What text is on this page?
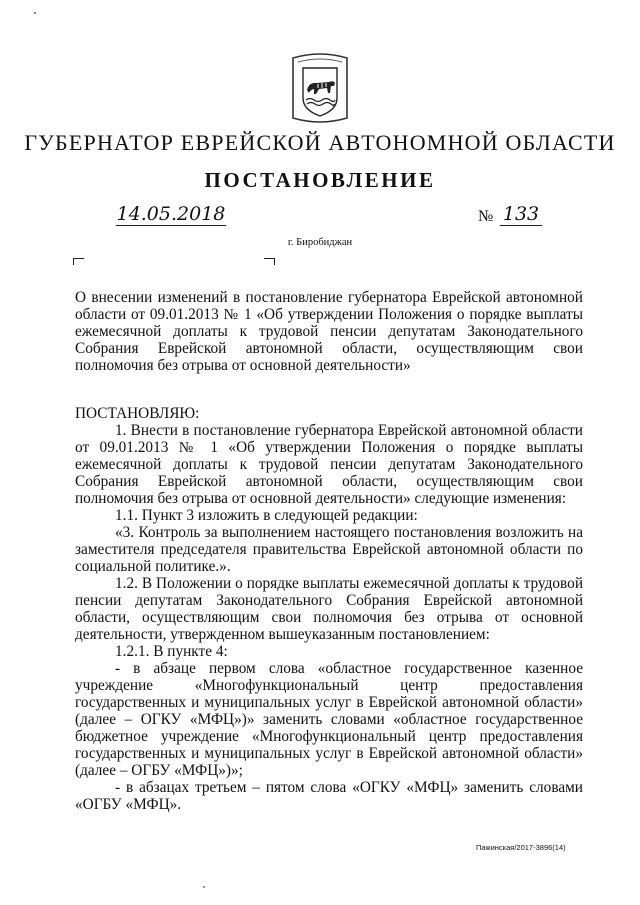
ГУБЕРНАТОР ЕВРЕЙСКОЙ АВТОНОМНОЙ ОБЛАСТИ
ПОСТАНОВЛЕНИЕ
14.05.2018	№ 133
г. Биробиджан
О внесении изменений в постановление губернатора Еврейской автономной области от 09.01.2013 № 1 «Об утверждении Положения о порядке выплаты ежемесячной доплаты к трудовой пенсии депутатам Законодательного Собрания Еврейской автономной области, осуществляющим свои полномочия без отрыва от основной деятельности»

ПОСТАНОВЛЯЮ:

1. Внести в постановление губернатора Еврейской автономной области от 09.01.2013 № 1 «Об утверждении Положения о порядке выплаты ежемесячной доплаты к трудовой пенсии депутатам Законодательного Собрания Еврейской автономной области, осуществляющим свои полномочия без отрыва от основной деятельности» следующие изменения:

1.1. Пункт 3 изложить в следующей редакции:

«3. Контроль за выполнением настоящего постановления возложить на заместителя председателя правительства Еврейской автономной области по социальной политике.».

1.2. В Положении о порядке выплаты ежемесячной доплаты к трудовой пенсии депутатам Законодательного Собрания Еврейской автономной области, осуществляющим свои полномочия без отрыва от основной деятельности, утвержденном вышеуказанным постановлением:

1.2.1. В пункте 4:

- в абзаце первом слова «областное государственное казенное учреждение «Многофункциональный центр предоставления государственных и муниципальных услуг в Еврейской автономной области» (далее – ОГКУ «МФЦ»)» заменить словами «областное государственное бюджетное учреждение «Многофункциональный центр предоставления государственных и муниципальных услуг в Еврейской автономной области» (далее – ОГБУ «МФЦ»)»;

- в абзацах третьем – пятом слова «ОГКУ «МФЦ» заменить словами «ОГБУ «МФЦ».

Пажинская/2017-3896(14)
